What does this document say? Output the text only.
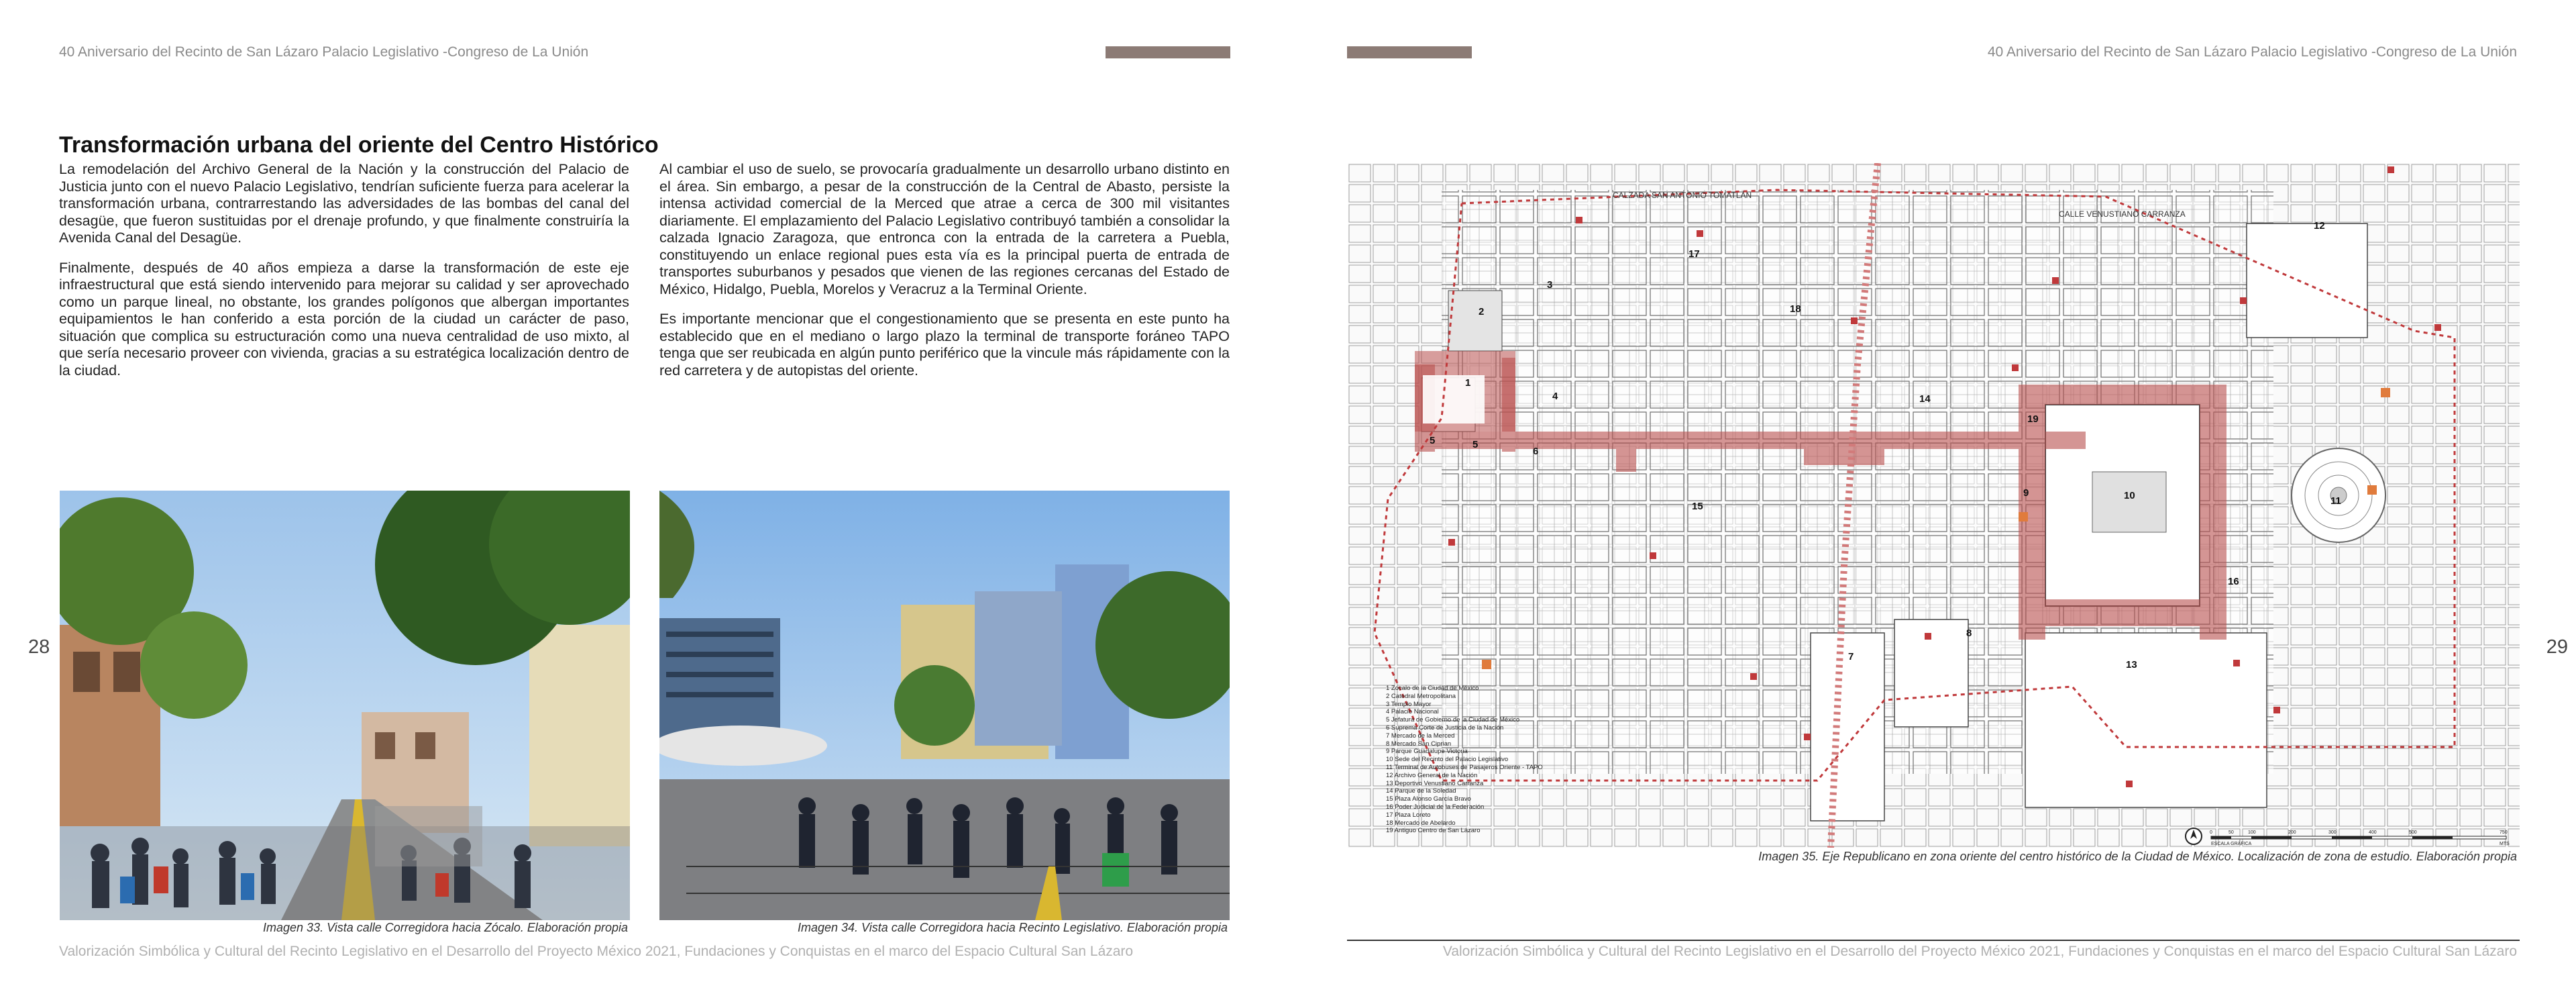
40 Aniversario del Recinto de San Lázaro Palacio Legislativo -Congreso de La Unión
Transformación urbana del oriente del Centro Histórico

La remodelación del Archivo General de la Nación y la construcción del Palacio de Justicia junto con el nuevo Palacio Legislativo, tendrían suficiente fuerza para acelerar la transformación urbana, contrarrestando las adversidades de las bombas del canal del desagüe, que fueron sustituidas por el drenaje profundo, y que finalmente construiría la Avenida Canal del Desagüe.

Finalmente, después de 40 años empieza a darse la transformación de este eje infraestructural que está siendo intervenido para mejorar su calidad y ser aprovechado como un parque lineal, no obstante, los grandes polígonos que albergan importantes equipamientos le han conferido a esta porción de la ciudad un carácter de paso, situación que complica su estructuración como una nueva centralidad de uso mixto, al que sería necesario proveer con vivienda, gracias a su estratégica localización dentro de la ciudad.

Al cambiar el uso de suelo, se provocaría gradualmente un desarrollo urbano distinto en el área. Sin embargo, a pesar de la construcción de la Central de Abasto, persiste la intensa actividad comercial de la Merced que atrae a cerca de 300 mil visitantes diariamente. El emplazamiento del Palacio Legislativo contribuyó también a consolidar la calzada Ignacio Zaragoza, que entronca con la entrada de la carretera a Puebla, constituyendo un enlace regional pues esta vía es la principal puerta de entrada de transportes suburbanos y pesados que vienen de las regiones cercanas del Estado de México, Hidalgo, Puebla, Morelos y Veracruz a la Terminal Oriente.

Es importante mencionar que el congestionamiento que se presenta en este punto ha establecido que en el mediano o largo plazo la terminal de transporte foráneo TAPO tenga que ser reubicada en algún punto periférico que la vincule más rápidamente con la red carretera y de autopistas del oriente.

28
Imagen 33. Vista calle Corregidora hacia Zócalo. Elaboración propia	Imagen 34. Vista calle Corregidora hacia Recinto Legislativo. Elaboración propia
Valorización Simbólica y Cultural del Recinto Legislativo en el Desarrollo del Proyecto México 2021, Fundaciones y Conquistas en el marco del Espacio Cultural San Lázaro
40 Aniversario del Recinto de San Lázaro Palacio Legislativo -Congreso de La Unión
29
CALZADA SAN ANTONIO TOMATLÁN
CALLE VENUSTIANO CARRANZA
1
2
3
4
5	5
6
7
8
9	10	11
12
13
14
15
16
17
18
19
1 Zócalo de la Ciudad de México
2 Catedral Metropolitana
3 Templo Mayor
4 Palacio Nacional
5 Jefatura de Gobierno de la Ciudad de México
6 Suprema Corte de Justicia de la Nación
7 Mercado de la Merced
8 Mercado San Ciprian
9 Parque Guadalupe Victoria
10 Sede del Recinto del Palacio Legislativo
11 Terminal de Autobuses de Pasajeros Oriente - TAPO
12 Archivo General de la Nación
13 Deportivo Venustiano Carranza
14 Parque de la Soledad
15 Plaza Alonso García Bravo
16 Poder Judicial de la Federación
17 Plaza Loreto
18 Mercado de Abelardo
19 Antiguo Centro de San Lázaro	0	50	100	200	300	400	500	750
MTS
ESCALA GRÁFICA
Imagen 35. Eje Republicano en zona oriente del centro histórico de la Ciudad de México. Localización de zona de estudio. Elaboración propia
Valorización Simbólica y Cultural del Recinto Legislativo en el Desarrollo del Proyecto México 2021, Fundaciones y Conquistas en el marco del Espacio Cultural San Lázaro
